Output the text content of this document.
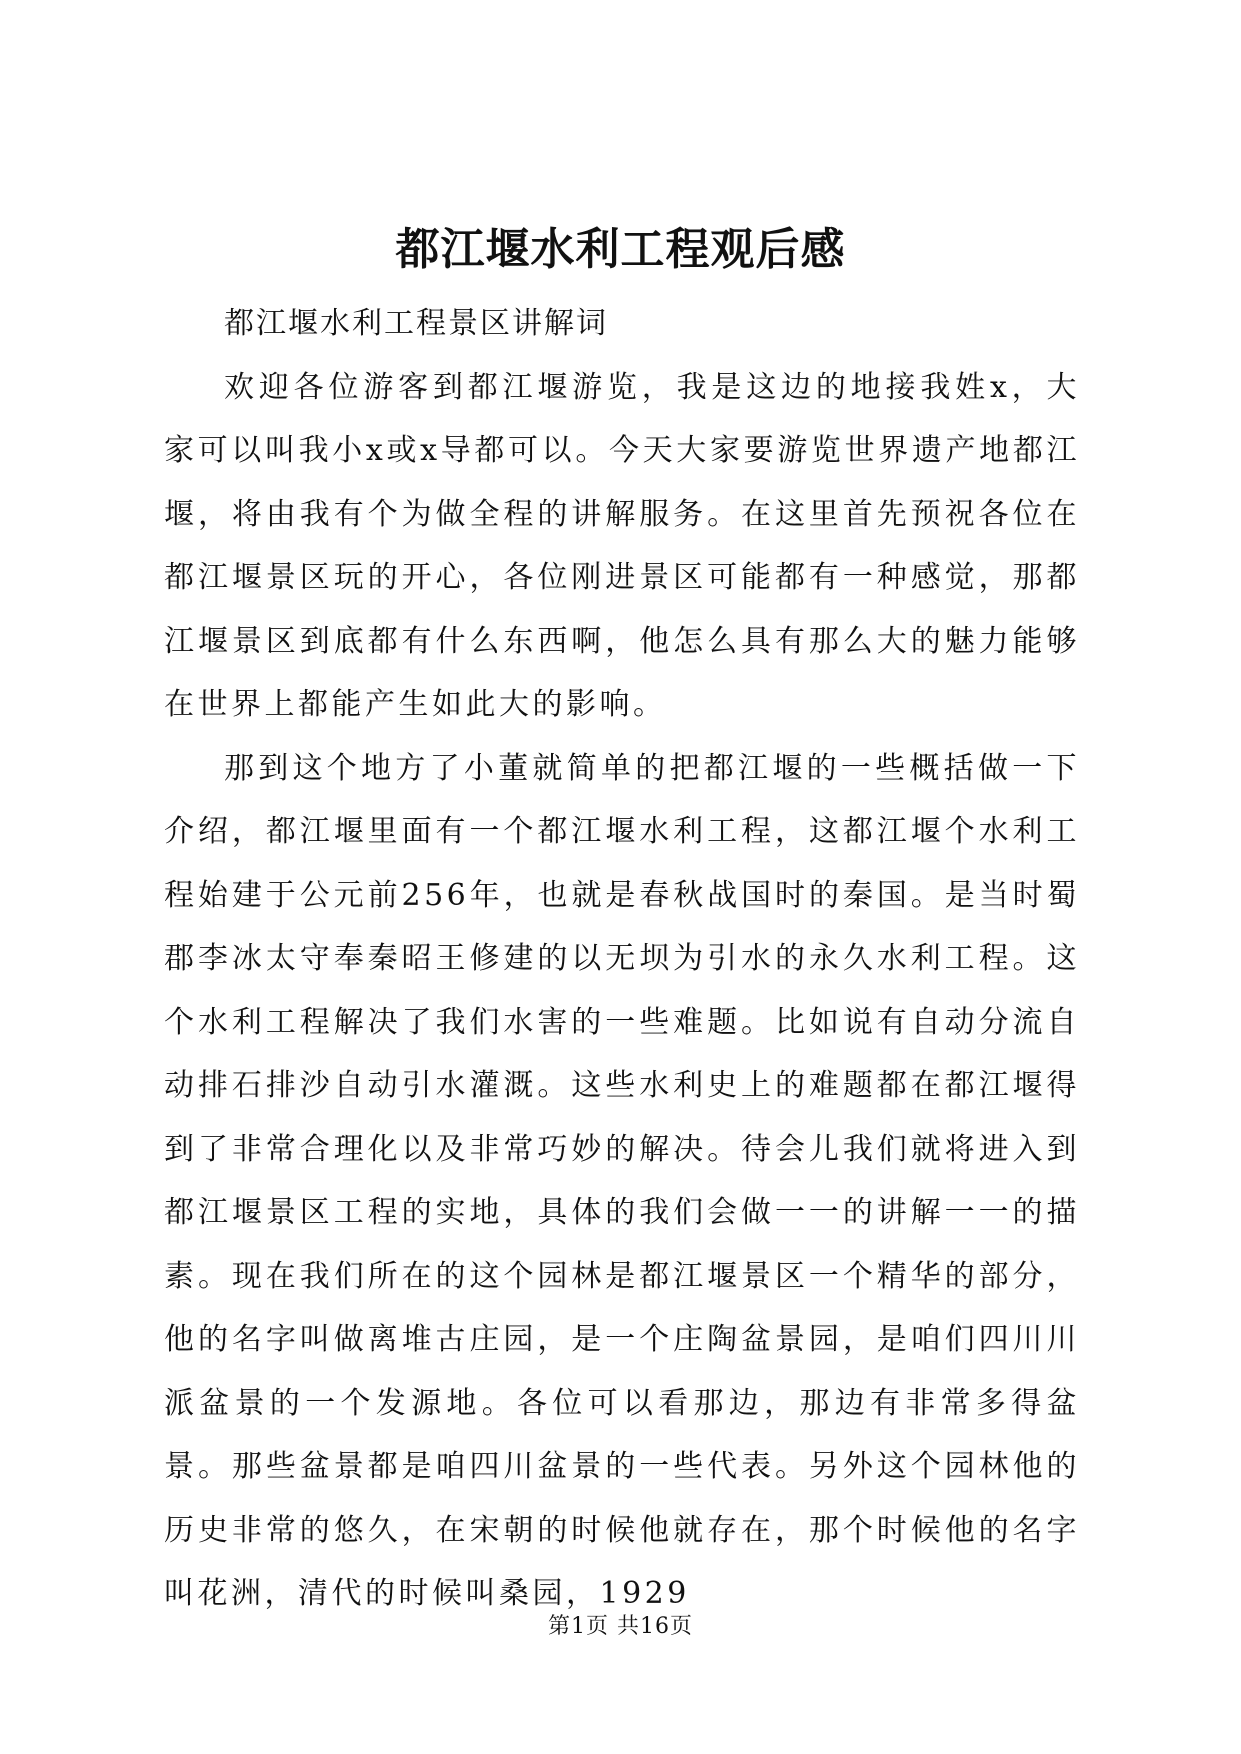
都江堰水利工程观后感

都江堰水利工程景区讲解词

欢迎各位游客到都江堰游览，我是这边的地接我姓x，大家可以叫我小x或x导都可以。今天大家要游览世界遗产地都江堰，将由我有个为做全程的讲解服务。在这里首先预祝各位在都江堰景区玩的开心，各位刚进景区可能都有一种感觉，那都江堰景区到底都有什么东西啊，他怎么具有那么大的魅力能够在世界上都能产生如此大的影响。

那到这个地方了小董就简单的把都江堰的一些概括做一下介绍，都江堰里面有一个都江堰水利工程，这都江堰个水利工程始建于公元前256年，也就是春秋战国时的秦国。是当时蜀郡李冰太守奉秦昭王修建的以无坝为引水的永久水利工程。这个水利工程解决了我们水害的一些难题。比如说有自动分流自动排石排沙自动引水灌溉。这些水利史上的难题都在都江堰得到了非常合理化以及非常巧妙的解决。待会儿我们就将进入到都江堰景区工程的实地，具体的我们会做一一的讲解一一的描素。现在我们所在的这个园林是都江堰景区一个精华的部分，他的名字叫做离堆古庄园，是一个庄陶盆景园，是咱们四川川派盆景的一个发源地。各位可以看那边，那边有非常多得盆景。那些盆景都是咱四川盆景的一些代表。另外这个园林他的历史非常的悠久，在宋朝的时候他就存在，那个时候他的名字叫花洲，清代的时候叫桑园，1929

第1页 共16页
